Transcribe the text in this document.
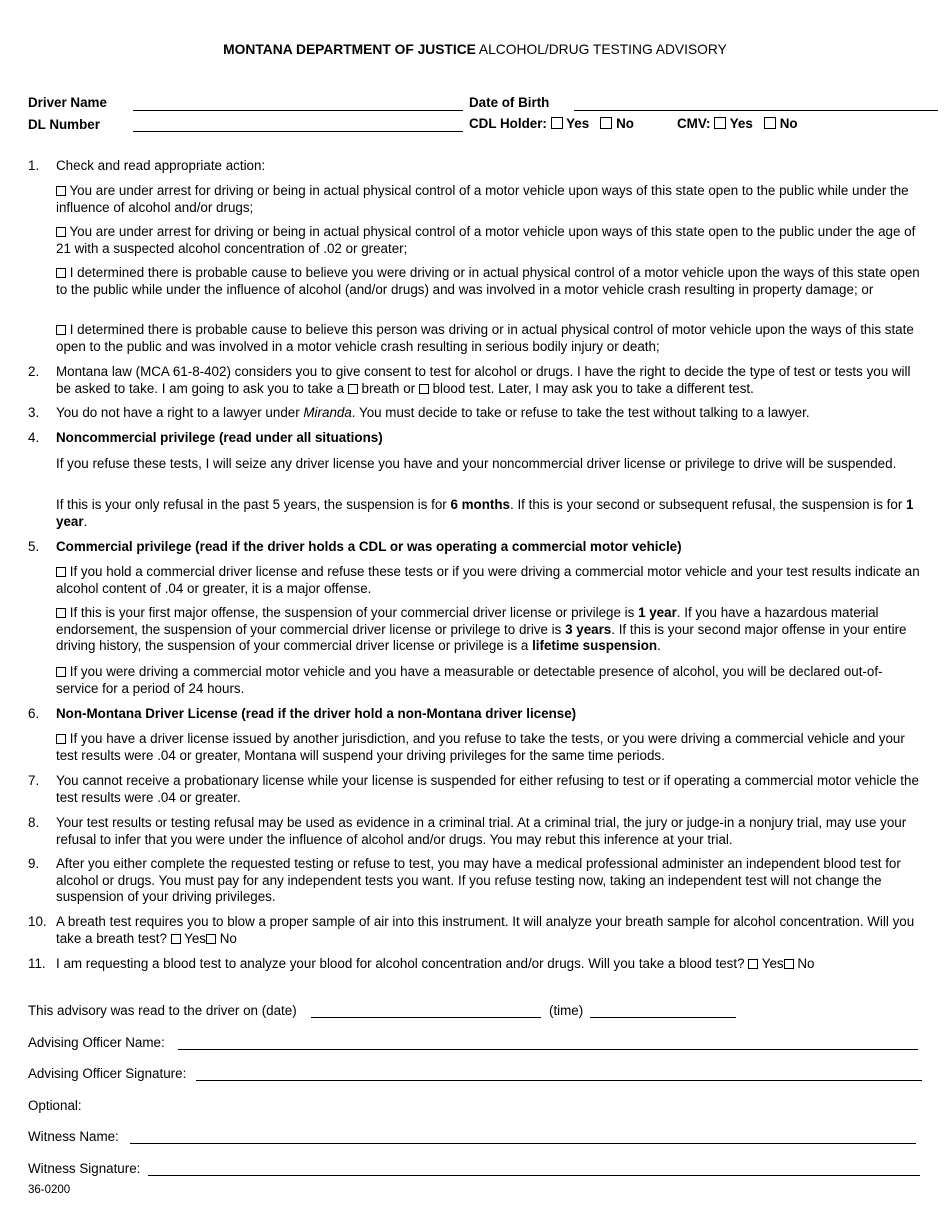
MONTANA DEPARTMENT OF JUSTICE ALCOHOL/DRUG TESTING ADVISORY
Driver Name	Date of Birth
DL Number	CDL Holder: Yes No	CMV: Yes No
1. Check and read appropriate action:
You are under arrest for driving or being in actual physical control of a motor vehicle upon ways of this state open to the public while under the influence of alcohol and/or drugs;
You are under arrest for driving or being in actual physical control of a motor vehicle upon ways of this state open to the public under the age of 21 with a suspected alcohol concentration of .02 or greater;
I determined there is probable cause to believe you were driving or in actual physical control of a motor vehicle upon the ways of this state open to the public while under the influence of alcohol (and/or drugs) and was involved in a motor vehicle crash resulting in property damage; or
I determined there is probable cause to believe this person was driving or in actual physical control of motor vehicle upon the ways of this state open to the public and was involved in a motor vehicle crash resulting in serious bodily injury or death;
2. Montana law (MCA 61-8-402) considers you to give consent to test for alcohol or drugs. I have the right to decide the type of test or tests you will be asked to take. I am going to ask you to take a  breath or  blood test. Later, I may ask you to take a different test.
3. You do not have a right to a lawyer under Miranda. You must decide to take or refuse to take the test without talking to a lawyer.
4. Noncommercial privilege (read under all situations)
If you refuse these tests, I will seize any driver license you have and your noncommercial driver license or privilege to drive will be suspended.
If this is your only refusal in the past 5 years, the suspension is for 6 months. If this is your second or subsequent refusal, the suspension is for 1 year.
5. Commercial privilege (read if the driver holds a CDL or was operating a commercial motor vehicle)
If you hold a commercial driver license and refuse these tests or if you were driving a commercial motor vehicle and your test results indicate an alcohol content of .04 or greater, it is a major offense.
If this is your first major offense, the suspension of your commercial driver license or privilege is 1 year. If you have a hazardous material endorsement, the suspension of your commercial driver license or privilege to drive is 3 years. If this is your second major offense in your entire driving history, the suspension of your commercial driver license or privilege is a lifetime suspension.
If you were driving a commercial motor vehicle and you have a measurable or detectable presence of alcohol, you will be declared out-of-service for a period of 24 hours.
6. Non-Montana Driver License (read if the driver hold a non-Montana driver license)
If you have a driver license issued by another jurisdiction, and you refuse to take the tests, or you were driving a commercial vehicle and your test results were .04 or greater, Montana will suspend your driving privileges for the same time periods.
7. You cannot receive a probationary license while your license is suspended for either refusing to test or if operating a commercial motor vehicle the test results were .04 or greater.
8. Your test results or testing refusal may be used as evidence in a criminal trial. At a criminal trial, the jury or judge-in a nonjury trial, may use your refusal to infer that you were under the influence of alcohol and/or drugs. You may rebut this inference at your trial.
9. After you either complete the requested testing or refuse to test, you may have a medical professional administer an independent blood test for alcohol or drugs. You must pay for any independent tests you want. If you refuse testing now, taking an independent test will not change the suspension of your driving privileges.
10. A breath test requires you to blow a proper sample of air into this instrument. It will analyze your breath sample for alcohol concentration. Will you take a breath test?  Yes No
11. I am requesting a blood test to analyze your blood for alcohol concentration and/or drugs. Will you take a blood test?  Yes No
This advisory was read to the driver on (date)	(time)
Advising Officer Name:
Advising Officer Signature:
Optional:
Witness Name:
Witness Signature:
36-0200
